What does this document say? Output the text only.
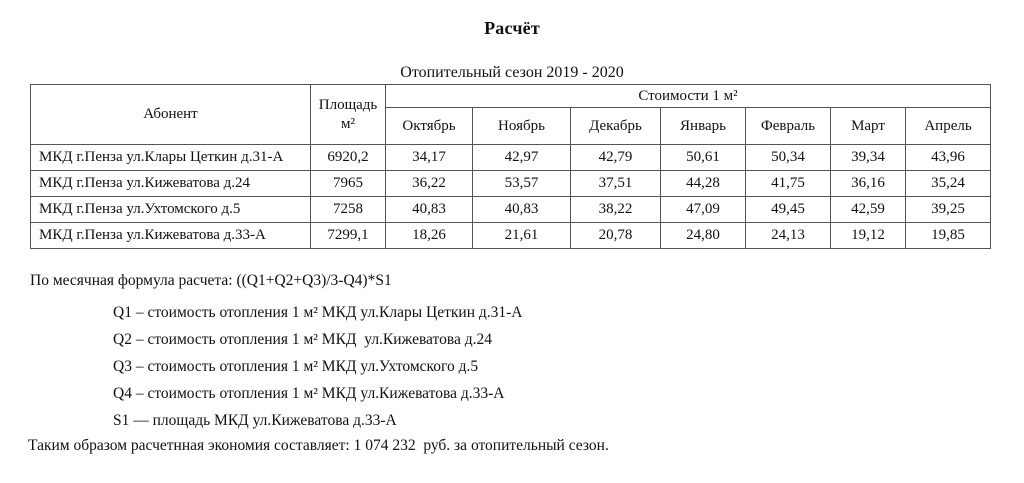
Расчёт
Отопительный сезон 2019 - 2020
Абонент	Площадь м²	Стоимости 1 м²						
		Октябрь	Ноябрь	Декабрь	Январь	Февраль	Март	Апрель
МКД г.Пенза ул.Клары Цеткин д.31-А	6920,2	34,17	42,97	42,79	50,61	50,34	39,34	43,96
МКД г.Пенза ул.Кижеватова д.24	7965	36,22	53,57	37,51	44,28	41,75	36,16	35,24
МКД г.Пенза ул.Ухтомского д.5	7258	40,83	40,83	38,22	47,09	49,45	42,59	39,25
МКД г.Пенза ул.Кижеватова д.33-А	7299,1	18,26	21,61	20,78	24,80	24,13	19,12	19,85
По месячная формула расчета: ((Q1+Q2+Q3)/3-Q4)*S1
Q1 – стоимость отопления 1 м² МКД ул.Клары Цеткин д.31-А
Q2 – стоимость отопления 1 м² МКД  ул.Кижеватова д.24
Q3 – стоимость отопления 1 м² МКД ул.Ухтомского д.5
Q4 – стоимость отопления 1 м² МКД ул.Кижеватова д.33-А
S1 — площадь МКД ул.Кижеватова д.33-А
Таким образом расчетнная экономия составляет: 1 074 232  руб. за отопительный сезон.
